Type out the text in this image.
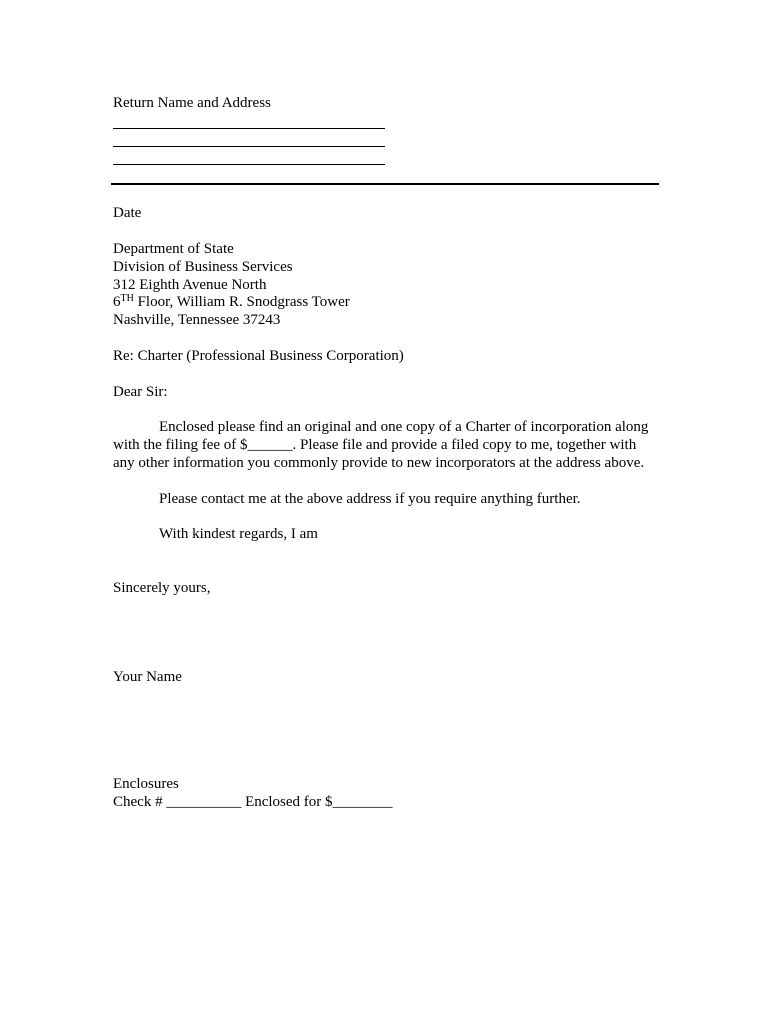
Return Name and Address
Date
Department of State
Division of Business Services
312 Eighth Avenue North
6TH Floor, William R. Snodgrass Tower
Nashville, Tennessee 37243
Re: Charter (Professional Business Corporation)
Dear Sir:
Enclosed please find an original and one copy of a Charter of incorporation along
with the filing fee of $______. Please file and provide a filed copy to me, together with
any other information you commonly provide to new incorporators at the address above.
Please contact me at the above address if you require anything further.
With kindest regards, I am
Sincerely yours,
Your Name
Enclosures
Check # __________ Enclosed for $________
